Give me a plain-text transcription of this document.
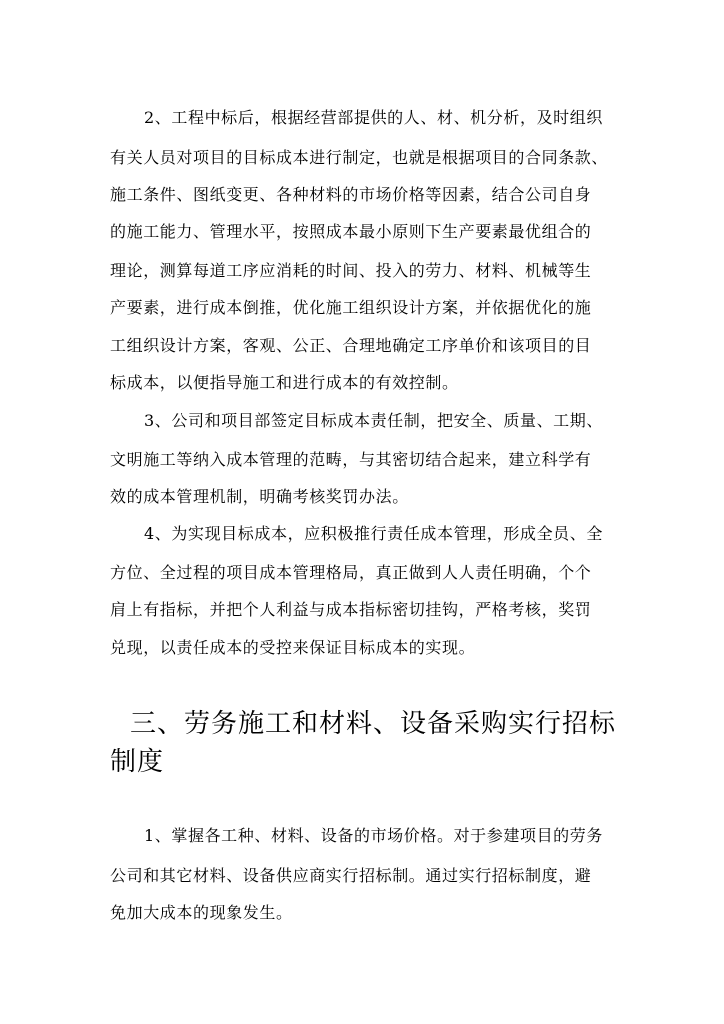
2、工程中标后，根据经营部提供的人、材、机分析，及时组织
有关人员对项目的目标成本进行制定，也就是根据项目的合同条款、
施工条件、图纸变更、各种材料的市场价格等因素，结合公司自身
的施工能力、管理水平，按照成本最小原则下生产要素最优组合的
理论，测算每道工序应消耗的时间、投入的劳力、材料、机械等生
产要素，进行成本倒推，优化施工组织设计方案，并依据优化的施
工组织设计方案，客观、公正、合理地确定工序单价和该项目的目
标成本，以便指导施工和进行成本的有效控制。
3、公司和项目部签定目标成本责任制，把安全、质量、工期、
文明施工等纳入成本管理的范畴，与其密切结合起来，建立科学有
效的成本管理机制，明确考核奖罚办法。
4、为实现目标成本，应积极推行责任成本管理，形成全员、全
方位、全过程的项目成本管理格局，真正做到人人责任明确，个个
肩上有指标，并把个人利益与成本指标密切挂钩，严格考核，奖罚
兑现，以责任成本的受控来保证目标成本的实现。
三、劳务施工和材料、设备采购实行招标
制度
1、掌握各工种、材料、设备的市场价格。对于参建项目的劳务
公司和其它材料、设备供应商实行招标制。通过实行招标制度，避
免加大成本的现象发生。
